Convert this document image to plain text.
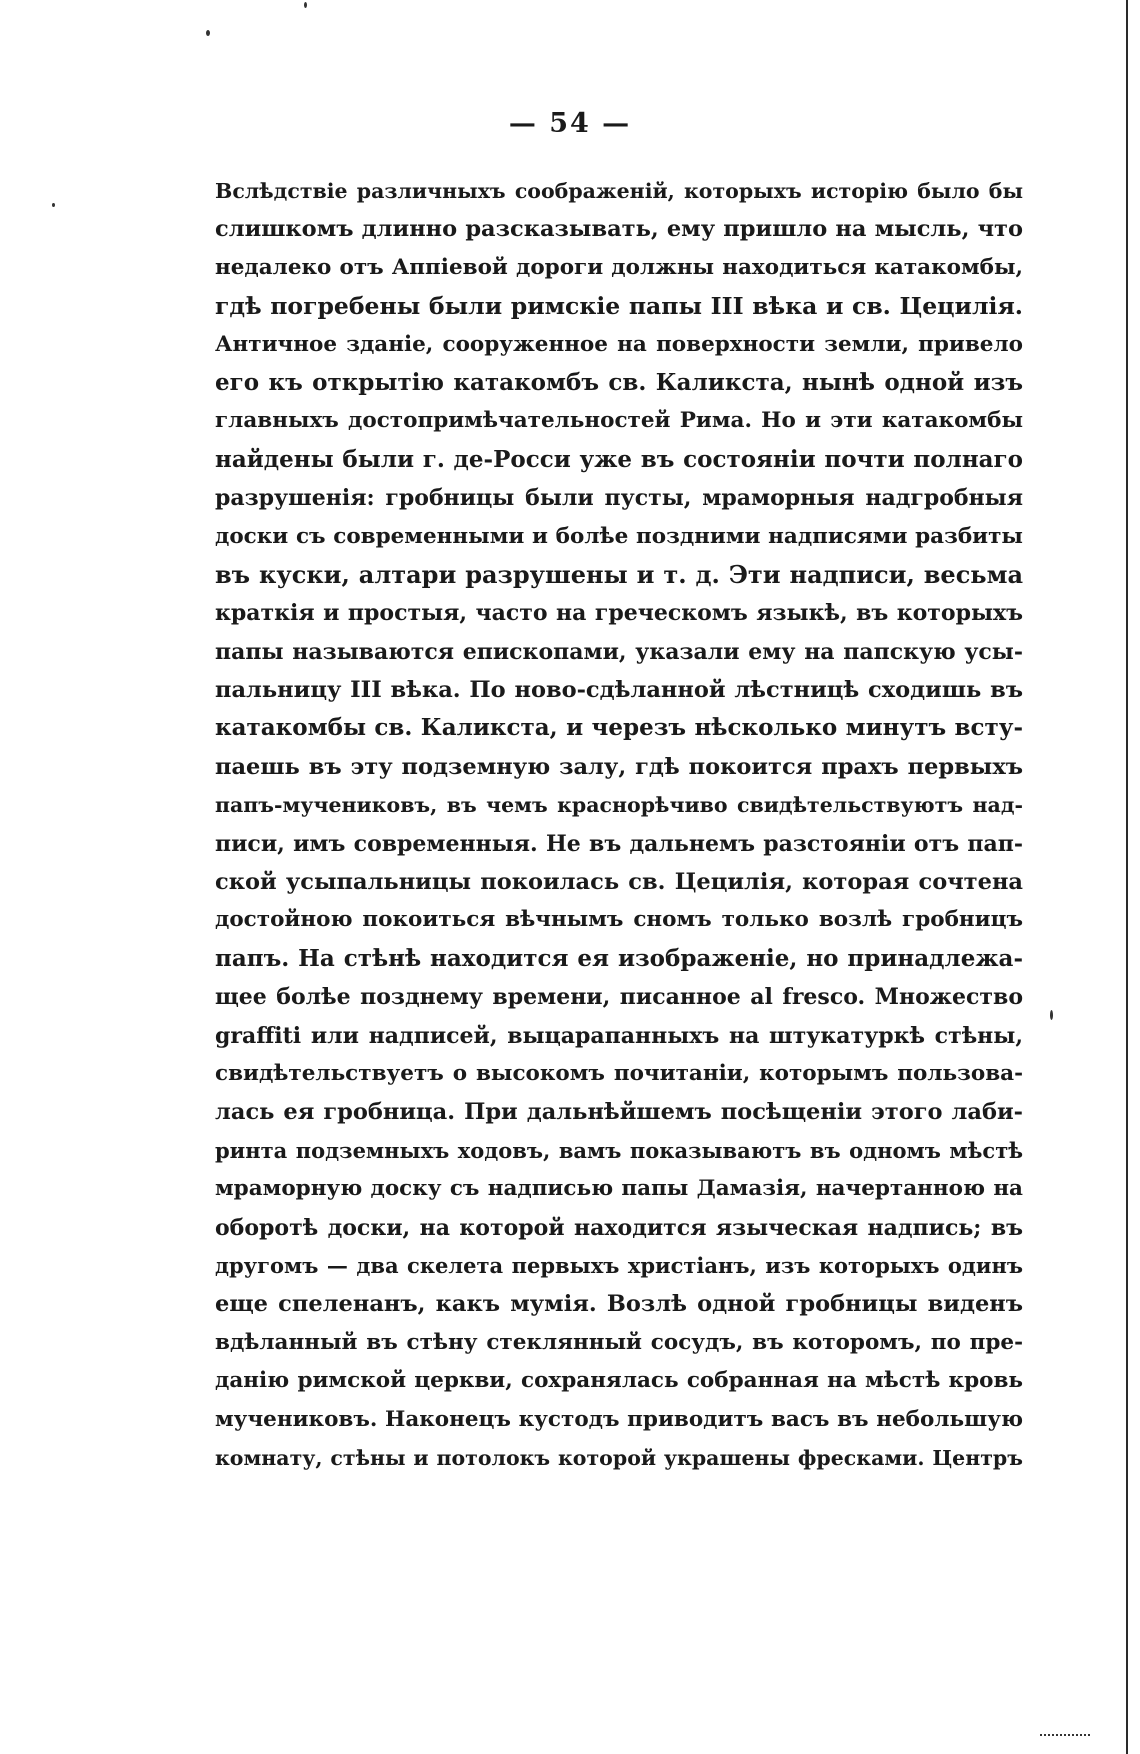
— 54 —
Вслѣдствіе различныхъ соображеній, которыхъ исторію было бы
слишкомъ длинно разсказывать, ему пришло на мысль, что
недалеко отъ Аппіевой дороги должны находиться катакомбы,
гдѣ погребены были римскіе папы III вѣка и св. Цецилія.
Античное зданіе, сооруженное на поверхности земли, привело
его къ открытію катакомбъ св. Каликста, нынѣ одной изъ
главныхъ достопримѣчательностей Рима. Но и эти катакомбы
найдены были г. де-Росси уже въ состояніи почти полнаго
разрушенія: гробницы были пусты, мраморныя надгробныя
доски съ современными и болѣе поздними надписями разбиты
въ куски, алтари разрушены и т. д. Эти надписи, весьма
краткія и простыя, часто на греческомъ языкѣ, въ которыхъ
папы называются епископами, указали ему на папскую усы-
пальницу III вѣка. По ново-сдѣланной лѣстницѣ сходишь въ
катакомбы св. Каликста, и черезъ нѣсколько минутъ всту-
паешь въ эту подземную залу, гдѣ покоится прахъ первыхъ
папъ-мучениковъ, въ чемъ краснорѣчиво свидѣтельствуютъ над-
писи, имъ современныя. Не въ дальнемъ разстояніи отъ пап-
ской усыпальницы покоилась св. Цецилія, которая сочтена
достойною покоиться вѣчнымъ сномъ только возлѣ гробницъ
папъ. На стѣнѣ находится ея изображеніе, но принадлежа-
щее болѣе позднему времени, писанное al fresco. Множество
graffiti или надписей, выцарапанныхъ на штукатуркѣ стѣны,
свидѣтельствуетъ о высокомъ почитаніи, которымъ пользова-
лась ея гробница. При дальнѣйшемъ посѣщеніи этого лаби-
ринта подземныхъ ходовъ, вамъ показываютъ въ одномъ мѣстѣ
мраморную доску съ надписью папы Дамазія, начертанною на
оборотѣ доски, на которой находится языческая надпись; въ
другомъ — два скелета первыхъ христіанъ, изъ которыхъ одинъ
еще спеленанъ, какъ мумія. Возлѣ одной гробницы виденъ
вдѣланный въ стѣну стеклянный сосудъ, въ которомъ, по пре-
данію римской церкви, сохранялась собранная на мѣстѣ кровь
мучениковъ. Наконецъ кустодъ приводитъ васъ въ небольшую
комнату, стѣны и потолокъ которой украшены фресками. Центръ
